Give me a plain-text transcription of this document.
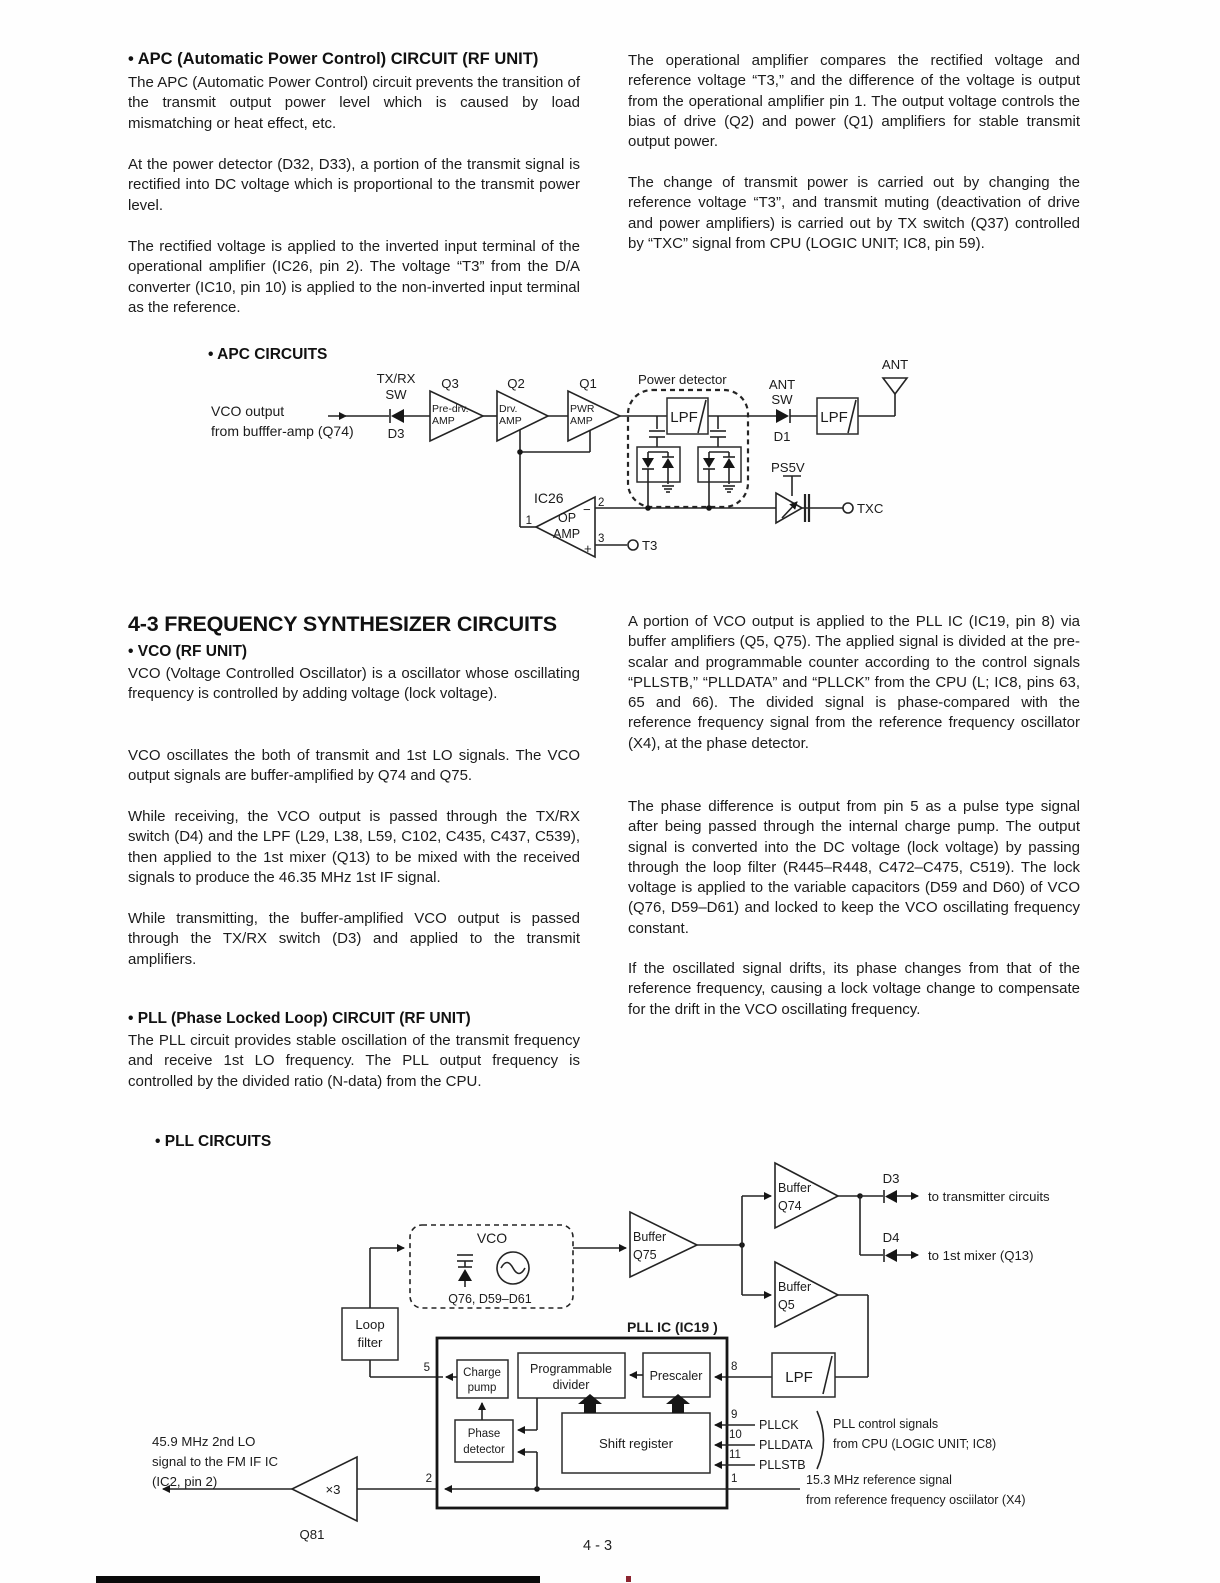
• APC (Automatic Power Control) CIRCUIT (RF UNIT)
The APC (Automatic Power Control) circuit prevents the transition of the transmit output power level which is caused by load mismatching or heat effect, etc.
At the power detector (D32, D33), a portion of the transmit signal is rectified into DC voltage which is proportional to the transmit power level.
The rectified voltage is applied to the inverted input terminal of the operational amplifier (IC26, pin 2). The voltage “T3” from the D/A converter (IC10, pin 10) is applied to the non-inverted input terminal as the reference.
The operational amplifier compares the rectified voltage and reference voltage “T3,” and the difference of the voltage is output from the operational amplifier pin 1. The output voltage controls the bias of drive (Q2) and power (Q1) amplifiers for stable transmit output power.
The change of transmit power is carried out by changing the reference voltage “T3”, and transmit muting (deactivation of drive and power amplifiers) is carried out by TX switch (Q37) controlled by “TXC” signal from CPU (LOGIC UNIT; IC8, pin 59).
• APC CIRCUITS
VCO output
from bufffer-amp (Q74)
TX/RX
SW
D3
Q3
Pre-drv.
AMP
Q2
Drv.
AMP
Q1
PWR
AMP
Power detector
LPF
ANT
SW
D1
LPF
ANT
IC26
OP
AMP
−
+
1
2
3	T3
PS5V
TXC
4-3 FREQUENCY SYNTHESIZER CIRCUITS
• VCO (RF UNIT)
VCO (Voltage Controlled Oscillator) is a oscillator whose oscillating frequency is controlled by adding voltage (lock voltage).
VCO oscillates the both of transmit and 1st LO signals. The VCO output signals are buffer-amplified by Q74 and Q75.
While receiving, the VCO output is passed through the TX/RX switch (D4) and the LPF (L29, L38, L59, C102, C435, C437, C539), then applied to the 1st mixer (Q13) to be mixed with the received signals to produce the 46.35 MHz 1st IF signal.
While transmitting, the buffer-amplified VCO output is passed through the TX/RX switch (D3) and applied to the transmit amplifiers.
• PLL (Phase Locked Loop) CIRCUIT (RF UNIT)
The PLL circuit provides stable oscillation of the transmit frequency and receive 1st LO frequency. The PLL output frequency is controlled by the divided ratio (N-data) from the CPU.
A portion of VCO output is applied to the PLL IC (IC19, pin 8) via buffer amplifiers (Q5, Q75). The applied signal is divided at the pre-scalar and programmable counter according to the control signals “PLLSTB,” “PLLDATA” and “PLLCK” from the CPU (L; IC8, pins 63, 65 and 66). The divided signal is phase-compared with the reference frequency signal from the reference frequency oscillator (X4), at the phase detector.
The phase difference is output from pin 5 as a pulse type signal after being passed through the internal charge pump. The output signal is converted into the DC voltage (lock voltage) by passing through the loop filter (R445–R448, C472–C475, C519). The lock voltage is applied to the variable capacitors (D59 and D60) of VCO (Q76, D59–D61) and locked to keep the VCO oscillating frequency constant.
If the oscillated signal drifts, its phase changes from that of the reference frequency, causing a lock voltage change to compensate for the drift in the VCO oscillating frequency.
• PLL CIRCUITS
Loop
filter
VCO
Q76, D59–D61
Buffer
Q75
Buffer
Q74
Buffer
Q5
D3
to transmitter circuits
D4
to 1st mixer (Q13)
LPF
8
PLL IC (IC19 )
Charge
pump
Programmable
divider
Prescaler
Phase
detector	Shift register
5
9
10
11
PLLCK
PLLDATA
PLLSTB
PLL control signals
from CPU (LOGIC UNIT; IC8)
1
2	15.3 MHz reference signal
from reference frequency osciilator (X4)
×3
Q81
45.9 MHz 2nd LO
signal to the FM IF IC
(IC2, pin 2)
4 - 3
